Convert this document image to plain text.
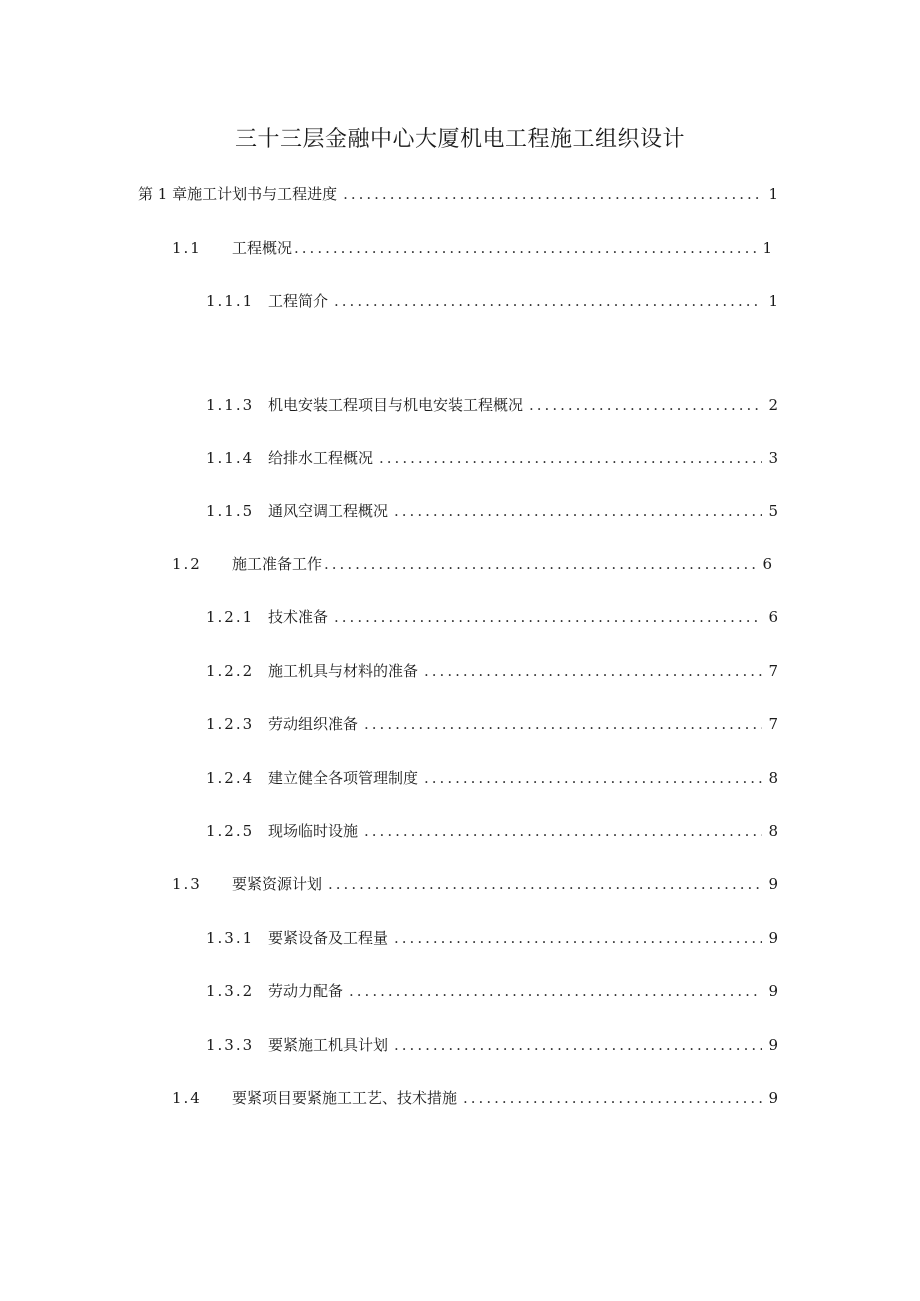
三十三层金融中心大厦机电工程施工组织设计
第 1 章施工计划书与工程进度 .....	1
1.1	工程概况 .....	1
1.1.1 工程简介 .....	1
1.1.3 机电安装工程项目与机电安装工程概况 .....	2
1.1.4 给排水工程概况 .....	3
1.1.5 通风空调工程概况 .....	5
1.2	施工准备工作 .....	6
1.2.1 技术准备 .....	6
1.2.2 施工机具与材料的准备 .....	7
1.2.3 劳动组织准备 .....	7
1.2.4 建立健全各项管理制度 .....	8
1.2.5 现场临时设施 .....	8
1.3	要紧资源计划 .....	9
1.3.1 要紧设备及工程量 .....	9
1.3.2 劳动力配备 .....	9
1.3.3 要紧施工机具计划 .....	9
1.4	要紧项目要紧施工工艺、技术措施 .....	9
